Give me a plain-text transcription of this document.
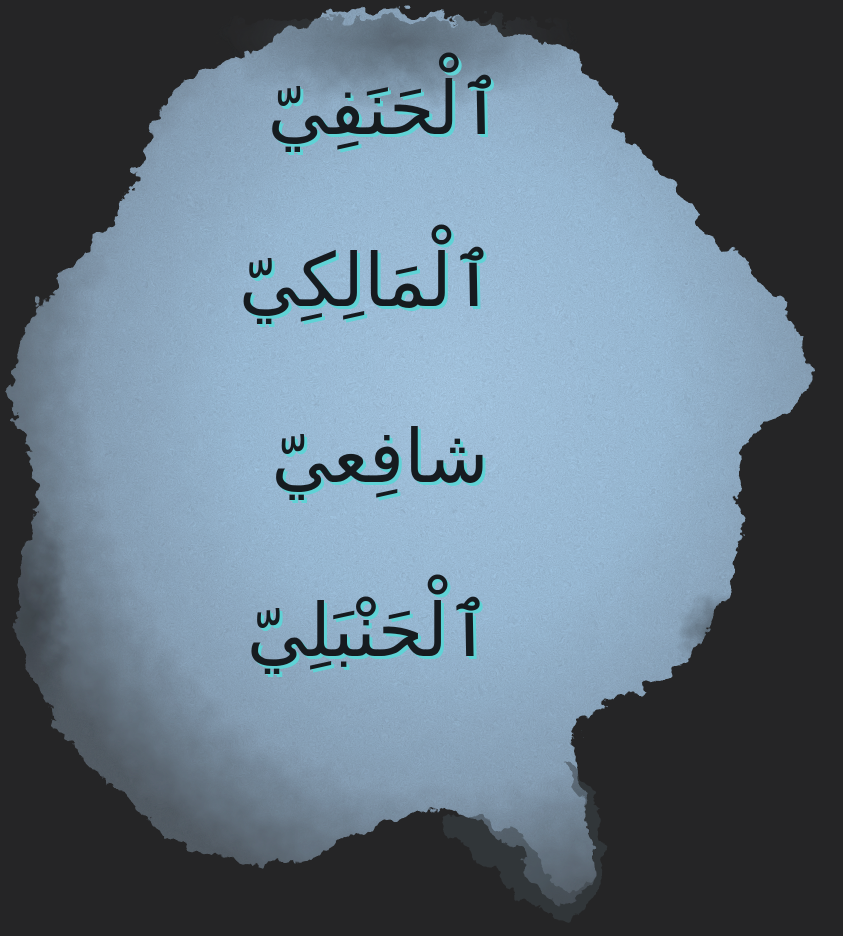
ٱلْحَنَفِيّ
ٱلْمَالِكِيّ
شافِعيّ
ٱلْحَنْبَلِيّ
